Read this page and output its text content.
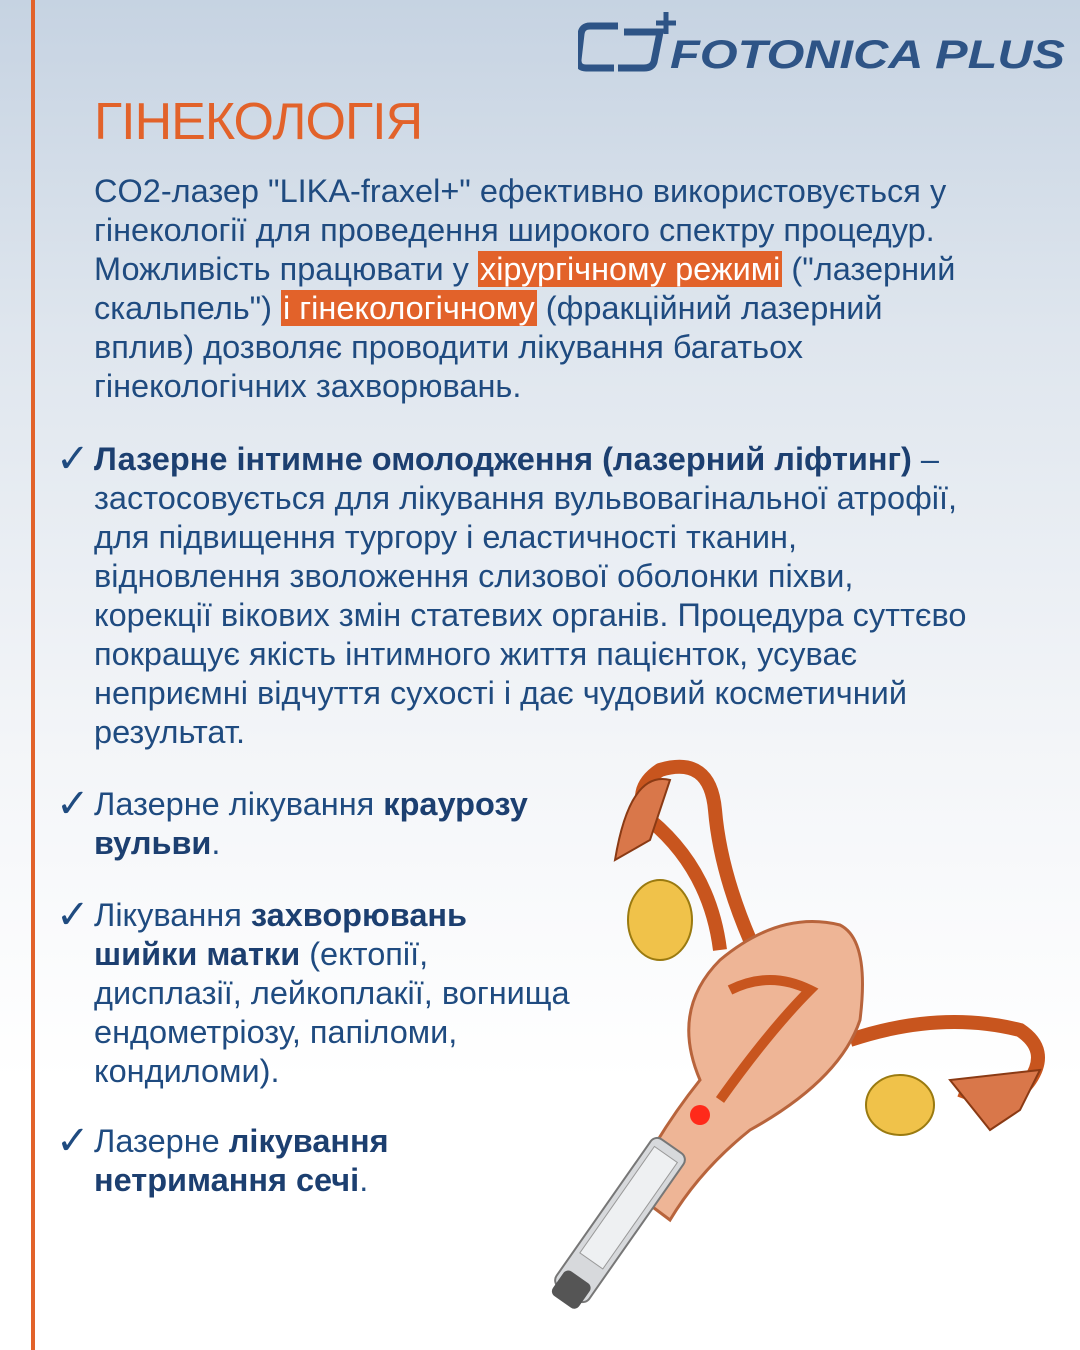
FOTONICA PLUS
ГІНЕКОЛОГІЯ
CO2-лазер "LIKA-fraxel+" ефективно використовується у
гінекології для проведення широкого спектру процедур.
Можливість працювати у хірургічному режимі ("лазерний
скальпель") і гінекологічному (фракційний лазерний
вплив) дозволяє проводити лікування багатьох
гінекологічних захворювань.
✓ Лазерне інтимне омолодження (лазерний ліфтинг) –
застосовується для лікування вульвовагінальної атрофії,
для підвищення тургору і еластичності тканин,
відновлення зволоження слизової оболонки піхви,
корекції вікових змін статевих органів. Процедура суттєво
покращує якість інтимного життя пацієнток, усуває
неприємні відчуття сухості і дає чудовий косметичний
результат.
✓ Лазерне лікування краурозу
вульви.
✓ Лікування захворювань
шийки матки (ектопії,
дисплазії, лейкоплакії, вогнища
ендометріозу, папіломи,
кондиломи).
✓ Лазерне лікування
нетримання сечі.
